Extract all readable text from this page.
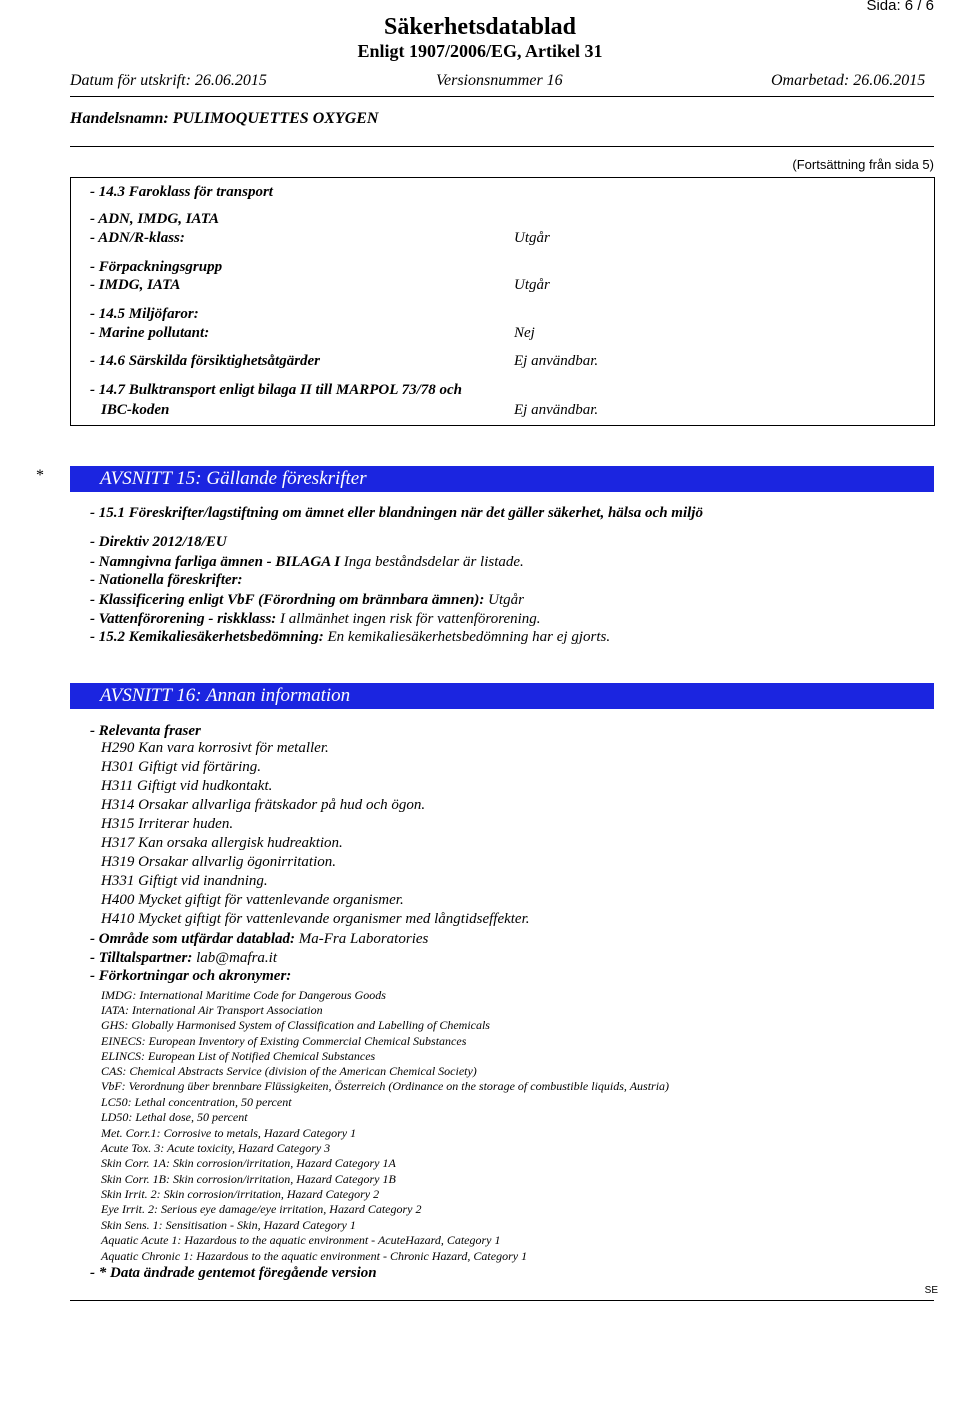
Sida: 6 / 6
Säkerhetsdatablad
Enligt 1907/2006/EG, Artikel 31
Datum för utskrift: 26.06.2015	Versionsnummer 16	Omarbetad: 26.06.2015
Handelsnamn: PULIMOQUETTES OXYGEN
(Fortsättning från sida 5)
- 14.3 Faroklass för transport
- ADN, IMDG, IATA
- ADN/R-klass:	Utgår
- Förpackningsgrupp
- IMDG, IATA	Utgår
- 14.5 Miljöfaror:
- Marine pollutant:	Nej
- 14.6 Särskilda försiktighetsåtgärder	Ej användbar.
- 14.7 Bulktransport enligt bilaga II till MARPOL 73/78 och
IBC-koden	Ej användbar.
*	AVSNITT 15: Gällande föreskrifter
- 15.1 Föreskrifter/lagstiftning om ämnet eller blandningen när det gäller säkerhet, hälsa och miljö
- Direktiv 2012/18/EU
- Namngivna farliga ämnen - BILAGA I Inga beståndsdelar är listade.
- Nationella föreskrifter:
- Klassificering enligt VbF (Förordning om brännbara ämnen): Utgår
- Vattenförorening - riskklass: I allmänhet ingen risk för vattenförorening.
- 15.2 Kemikaliesäkerhetsbedömning: En kemikaliesäkerhetsbedömning har ej gjorts.
AVSNITT 16: Annan information
- Relevanta fraser
H290 Kan vara korrosivt för metaller.
H301 Giftigt vid förtäring.
H311 Giftigt vid hudkontakt.
H314 Orsakar allvarliga frätskador på hud och ögon.
H315 Irriterar huden.
H317 Kan orsaka allergisk hudreaktion.
H319 Orsakar allvarlig ögonirritation.
H331 Giftigt vid inandning.
H400 Mycket giftigt för vattenlevande organismer.
H410 Mycket giftigt för vattenlevande organismer med långtidseffekter.
- Område som utfärdar datablad: Ma-Fra Laboratories
- Tilltalspartner: lab@mafra.it
- Förkortningar och akronymer:
IMDG: International Maritime Code for Dangerous Goods
IATA: International Air Transport Association
GHS: Globally Harmonised System of Classification and Labelling of Chemicals
EINECS: European Inventory of Existing Commercial Chemical Substances
ELINCS: European List of Notified Chemical Substances
CAS: Chemical Abstracts Service (division of the American Chemical Society)
VbF: Verordnung über brennbare Flüssigkeiten, Österreich (Ordinance on the storage of combustible liquids, Austria)
LC50: Lethal concentration, 50 percent
LD50: Lethal dose, 50 percent
Met. Corr.1: Corrosive to metals, Hazard Category 1
Acute Tox. 3: Acute toxicity, Hazard Category 3
Skin Corr. 1A: Skin corrosion/irritation, Hazard Category 1A
Skin Corr. 1B: Skin corrosion/irritation, Hazard Category 1B
Skin Irrit. 2: Skin corrosion/irritation, Hazard Category 2
Eye Irrit. 2: Serious eye damage/eye irritation, Hazard Category 2
Skin Sens. 1: Sensitisation - Skin, Hazard Category 1
Aquatic Acute 1: Hazardous to the aquatic environment - AcuteHazard, Category 1
Aquatic Chronic 1: Hazardous to the aquatic environment - Chronic Hazard, Category 1
- * Data ändrade gentemot föregående version
SE
